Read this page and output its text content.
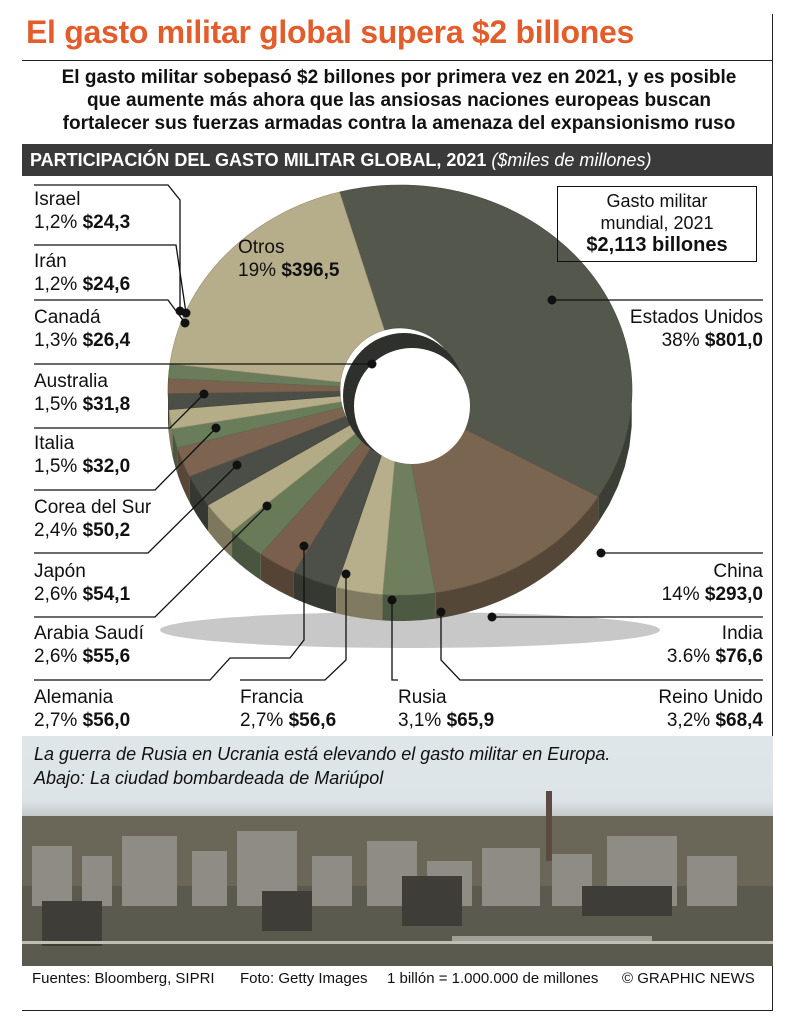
El gasto militar global supera $2 billones
El gasto militar sobepasó $2 billones por primera vez en 2021, y es posible
que aumente más ahora que las ansiosas naciones europeas buscan
fortalecer sus fuerzas armadas contra la amenaza del expansionismo ruso
PARTICIPACIÓN DEL GASTO MILITAR GLOBAL, 2021 ($miles de millones)
Gasto militar
mundial, 2021
$2,113 billones
Estados Unidos
38% $801,0
China
14% $293,0
India
3.6% $76,6
Reino Unido
3,2% $68,4
Rusia
3,1% $65,9
Francia
2,7% $56,6
Alemania
2,7% $56,0
Arabia Saudí
2,6% $55,6
Japón
2,6% $54,1
Corea del Sur
2,4% $50,2
Italia
1,5% $32,0
Australia
1,5% $31,8
Canadá
1,3% $26,4
Irán
1,2% $24,6
Israel
1,2% $24,3
Otros
19% $396,5
La guerra de Rusia en Ucrania está elevando el gasto militar en Europa.
Abajo: La ciudad bombardeada de Mariúpol
Fuentes: Bloomberg, SIPRI Foto: Getty Images 1 billón = 1.000.000 de millones © GRAPHIC NEWS
